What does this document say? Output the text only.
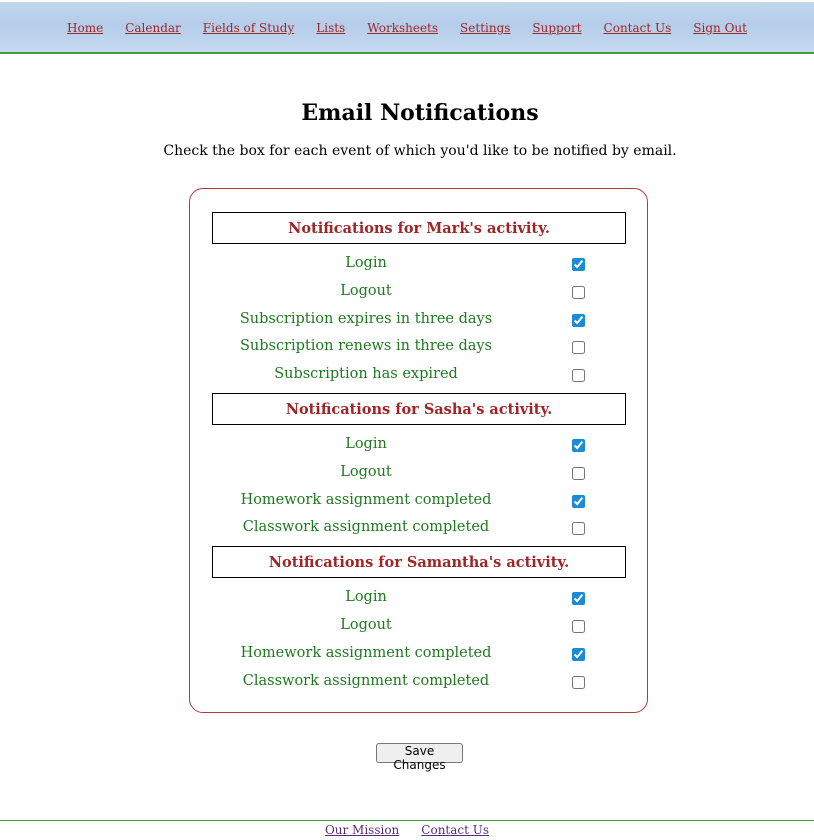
Home Calendar Fields of Study Lists Worksheets Settings Support Contact Us Sign Out
Email Notifications

Check the box for each event of which you'd like to be notified by email.

Notifications for Mark's activity.
Login
Logout
Subscription expires in three days
Subscription renews in three days
Subscription has expired
Notifications for Sasha's activity.
Login
Logout
Homework assignment completed
Classwork assignment completed
Notifications for Samantha's activity.
Login
Logout
Homework assignment completed
Classwork assignment completed
Save Changes
Our Mission Contact Us
